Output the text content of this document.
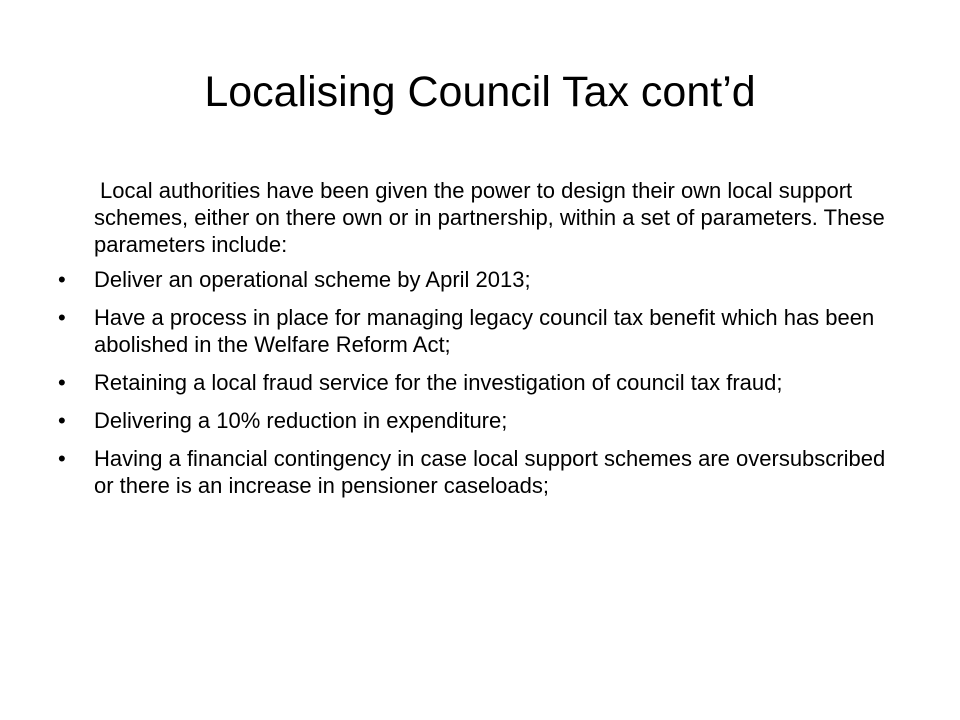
Localising Council Tax cont’d

Local authorities have been given the power to design their own local support schemes, either on there own or in partnership, within a set of parameters. These parameters include:

•	Deliver an operational scheme by April 2013;
•	Have a process in place for managing legacy council tax benefit which has been abolished in the Welfare Reform Act;
•	Retaining a local fraud service for the investigation of council tax fraud;
•	Delivering a 10% reduction in expenditure;
•	Having a financial contingency in case local support schemes are oversubscribed or there is an increase in pensioner caseloads;
